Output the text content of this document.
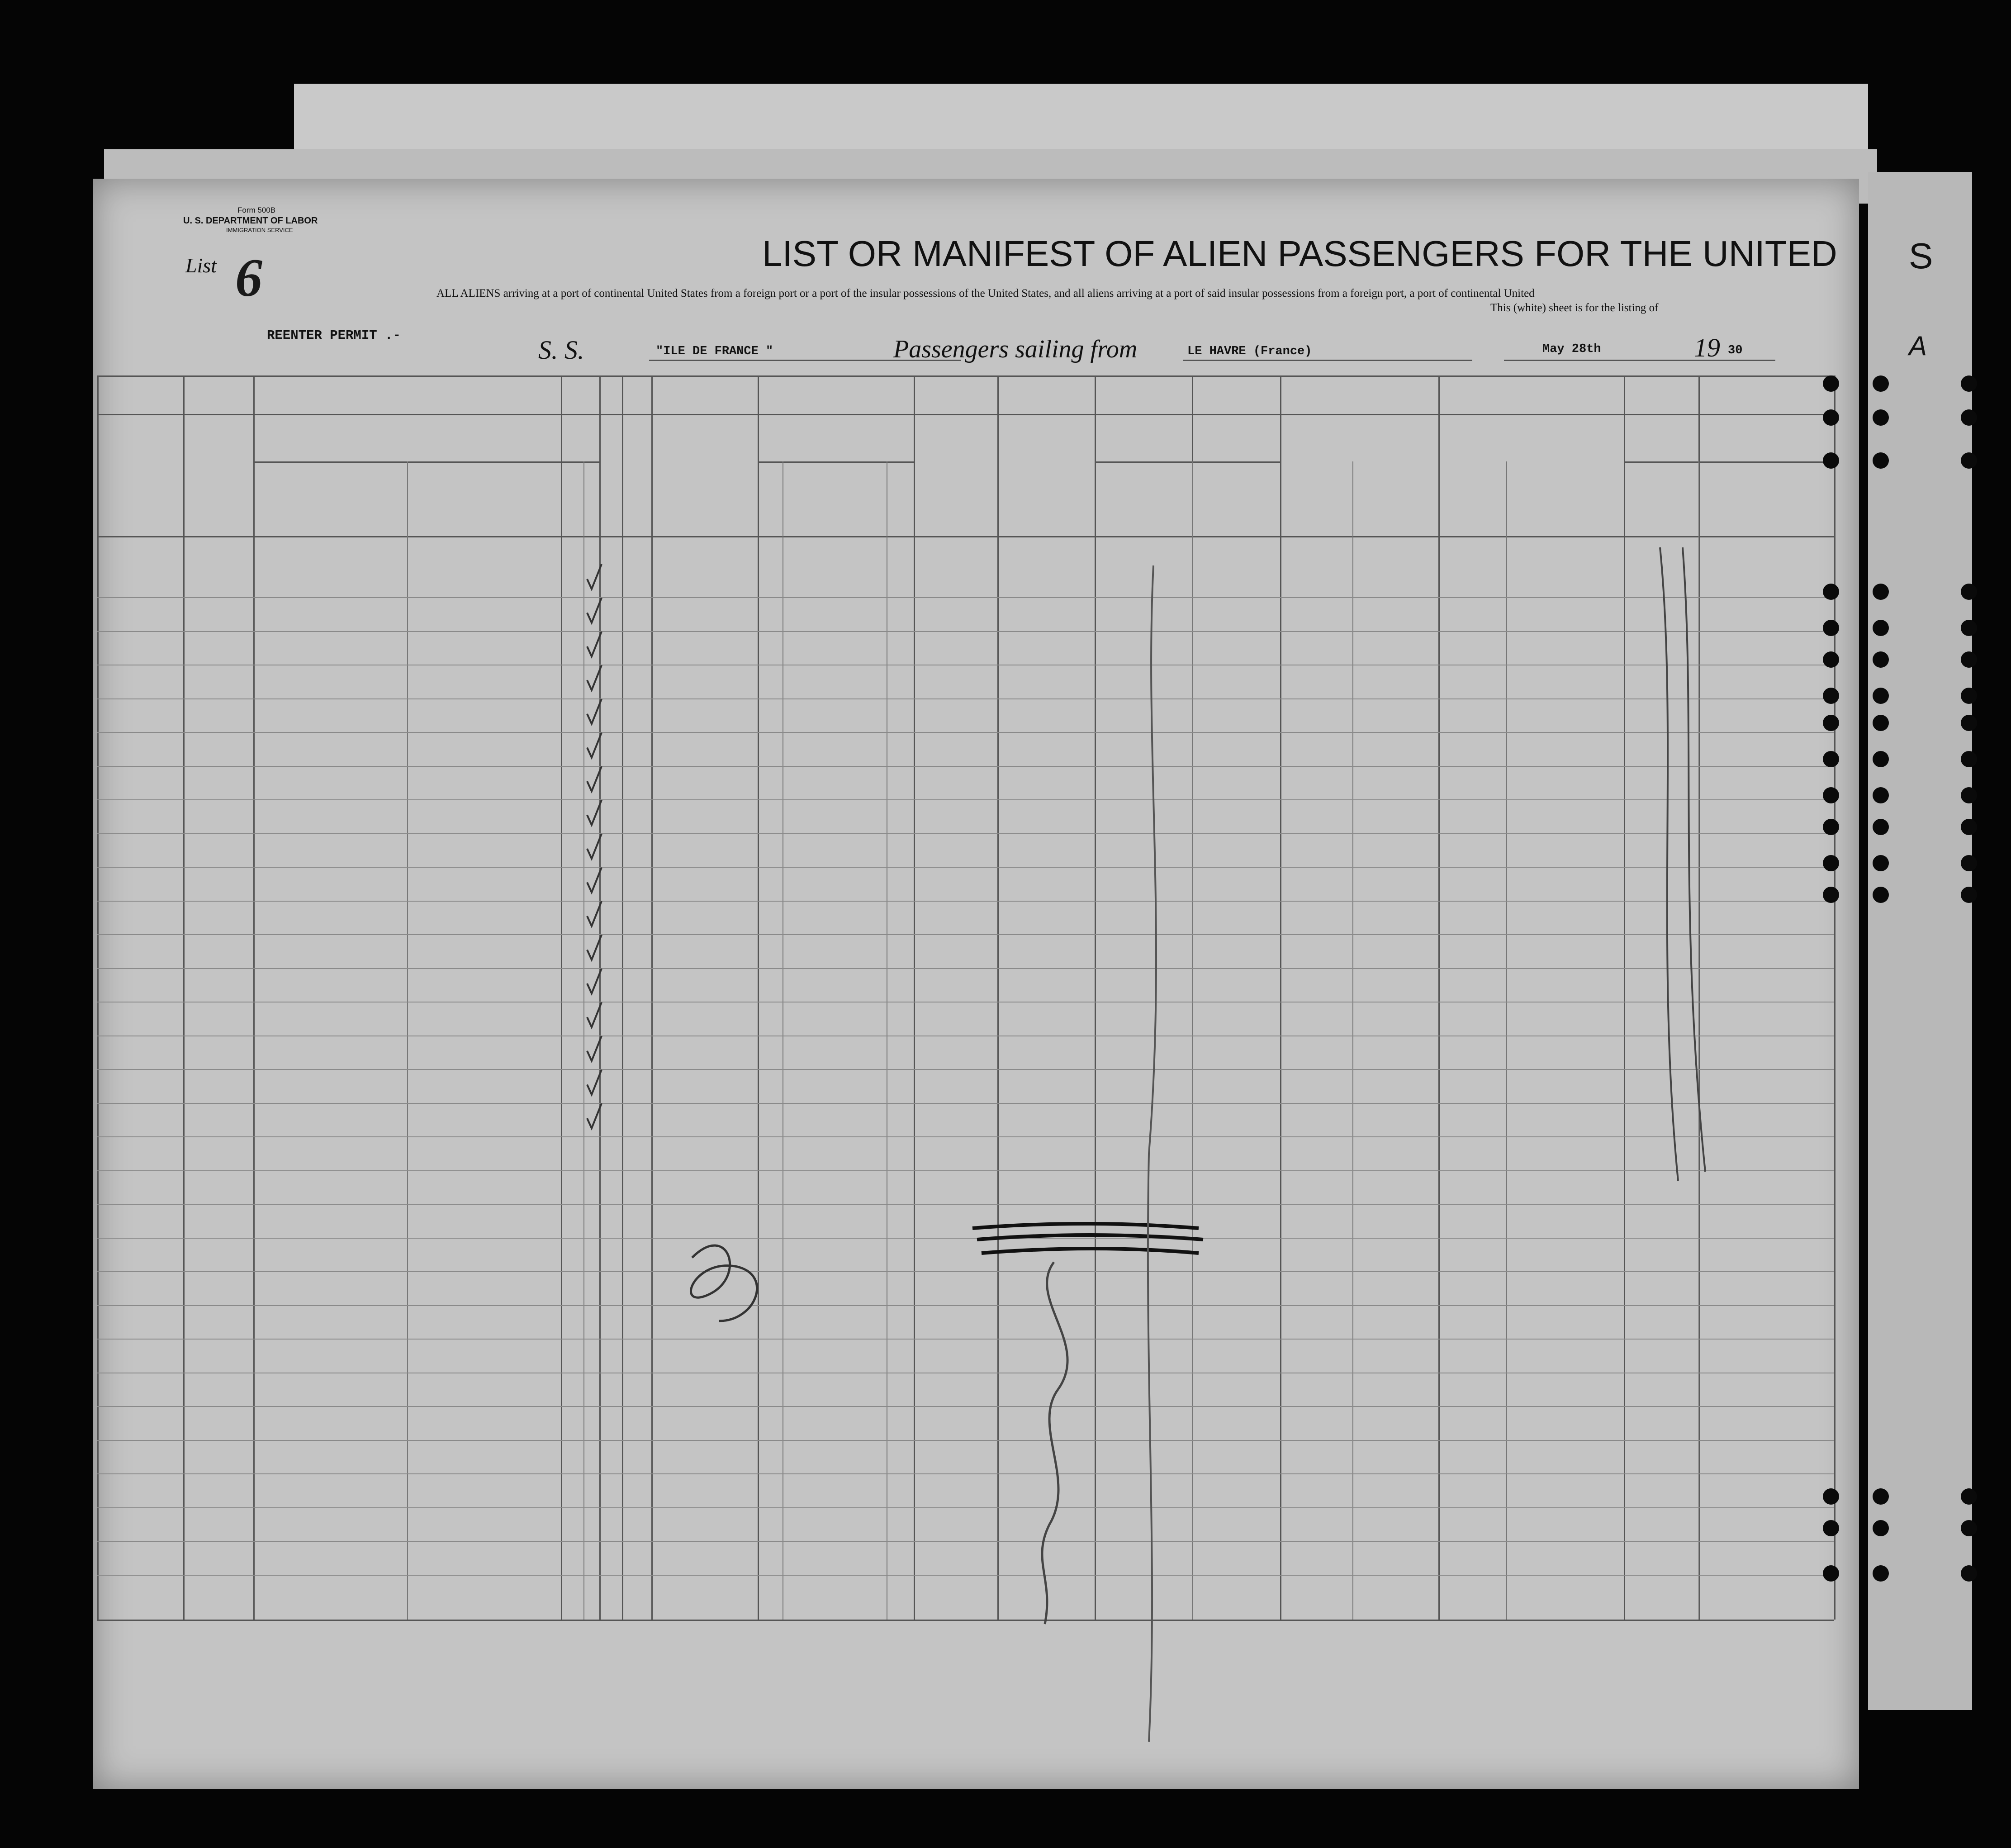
Form 500B
U. S. DEPARTMENT OF LABOR
IMMIGRATION SERVICE
List 6	LIST OR MANIFEST OF ALIEN PASSENGERS FOR THE UNITED
ALL ALIENS arriving at a port of continental United States from a foreign port or a port of the insular possessions of the United States, and all aliens arriving at a port of said insular possessions from a foreign port, a port of continental United
This (white) sheet is for the listing of
REENTER PERMIT .-	S. S.	"ILE DE FRANCE "	Passengers sailing from	LE HAVRE (France)	May 28th	19 30
S
A
